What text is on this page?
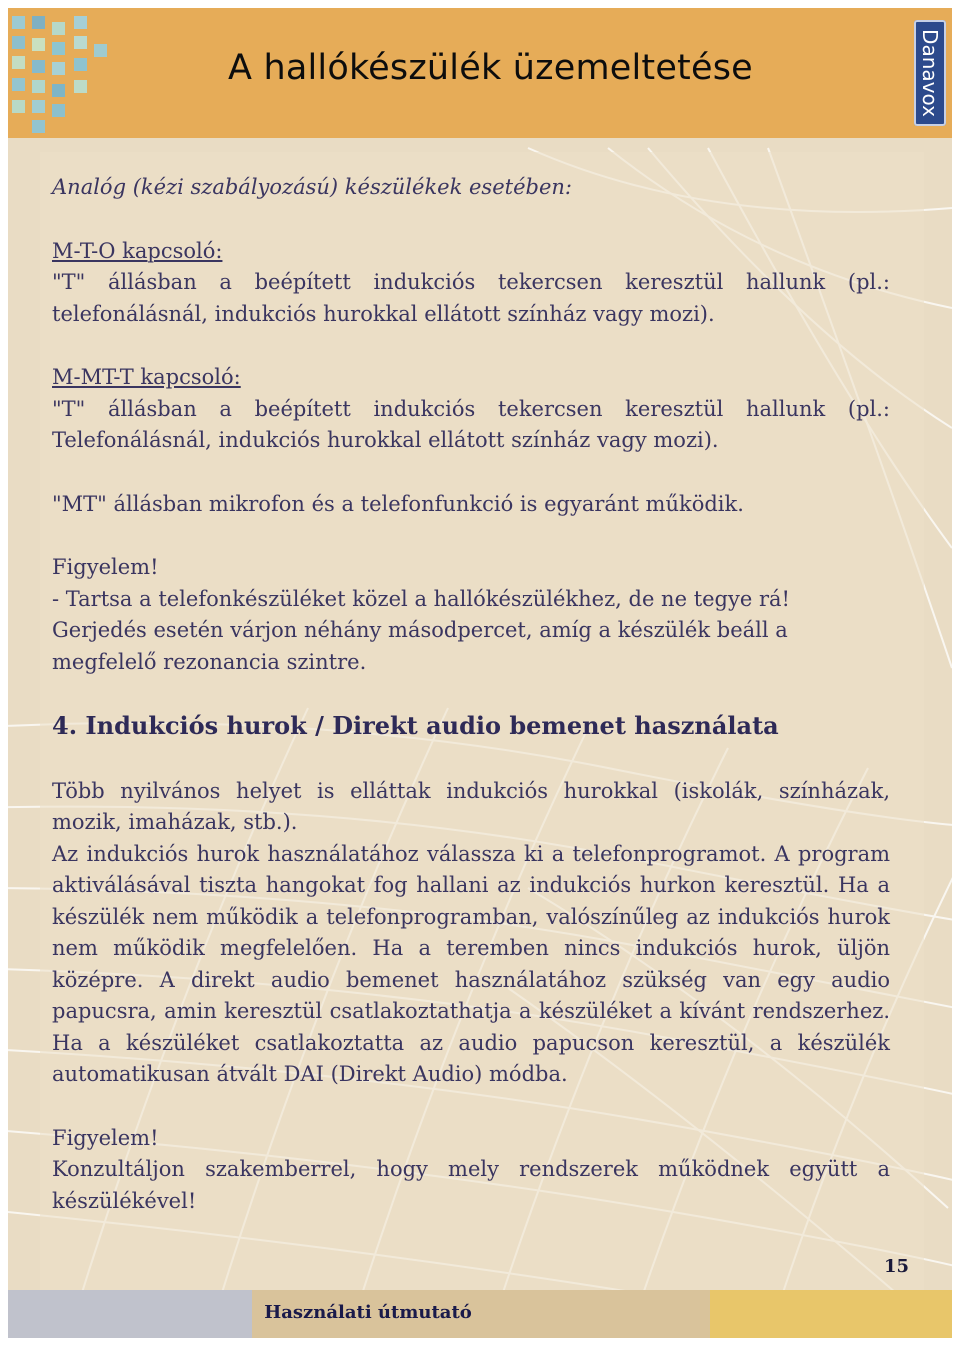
A hallókészülék üzemeltetése	Danavox
15
Használati útmutató

Analóg (kézi szabályozású) készülékek esetében:

M-T-O kapcsoló:

"T" állásban a beépített indukciós tekercsen keresztül hallunk (pl.: telefonálásnál, indukciós hurokkal ellátott színház vagy mozi).

M-MT-T kapcsoló:

"T" állásban a beépített indukciós tekercsen keresztül hallunk (pl.: Telefonálásnál, indukciós hurokkal ellátott színház vagy mozi).

"MT" állásban mikrofon és a telefonfunkció is egyaránt működik.

Figyelem!

- Tartsa a telefonkészüléket közel a hallókészülékhez, de ne tegye rá!

Gerjedés esetén várjon néhány másodpercet, amíg a készülék beáll a megfelelő rezonancia szintre.

4. Indukciós hurok / Direkt audio bemenet használata

Több nyilvános helyet is elláttak indukciós hurokkal (iskolák, színházak, mozik, imaházak, stb.).

Az indukciós hurok használatához válassza ki a telefonprogramot. A program aktiválásával tiszta hangokat fog hallani az indukciós hurkon keresztül. Ha a készülék nem működik a telefonprogramban, valószínűleg az indukciós hurok nem működik megfelelően. Ha a teremben nincs indukciós hurok, üljön középre. A direkt audio bemenet használatához szükség van egy audio papucsra, amin keresztül csatlakoztathatja a készüléket a kívánt rendszerhez. Ha a készüléket csatlakoztatta az audio papucson keresztül, a készülék automatikusan átvált DAI (Direkt Audio) módba.

Figyelem!

Konzultáljon szakemberrel, hogy mely rendszerek működnek együtt a készülékével!
